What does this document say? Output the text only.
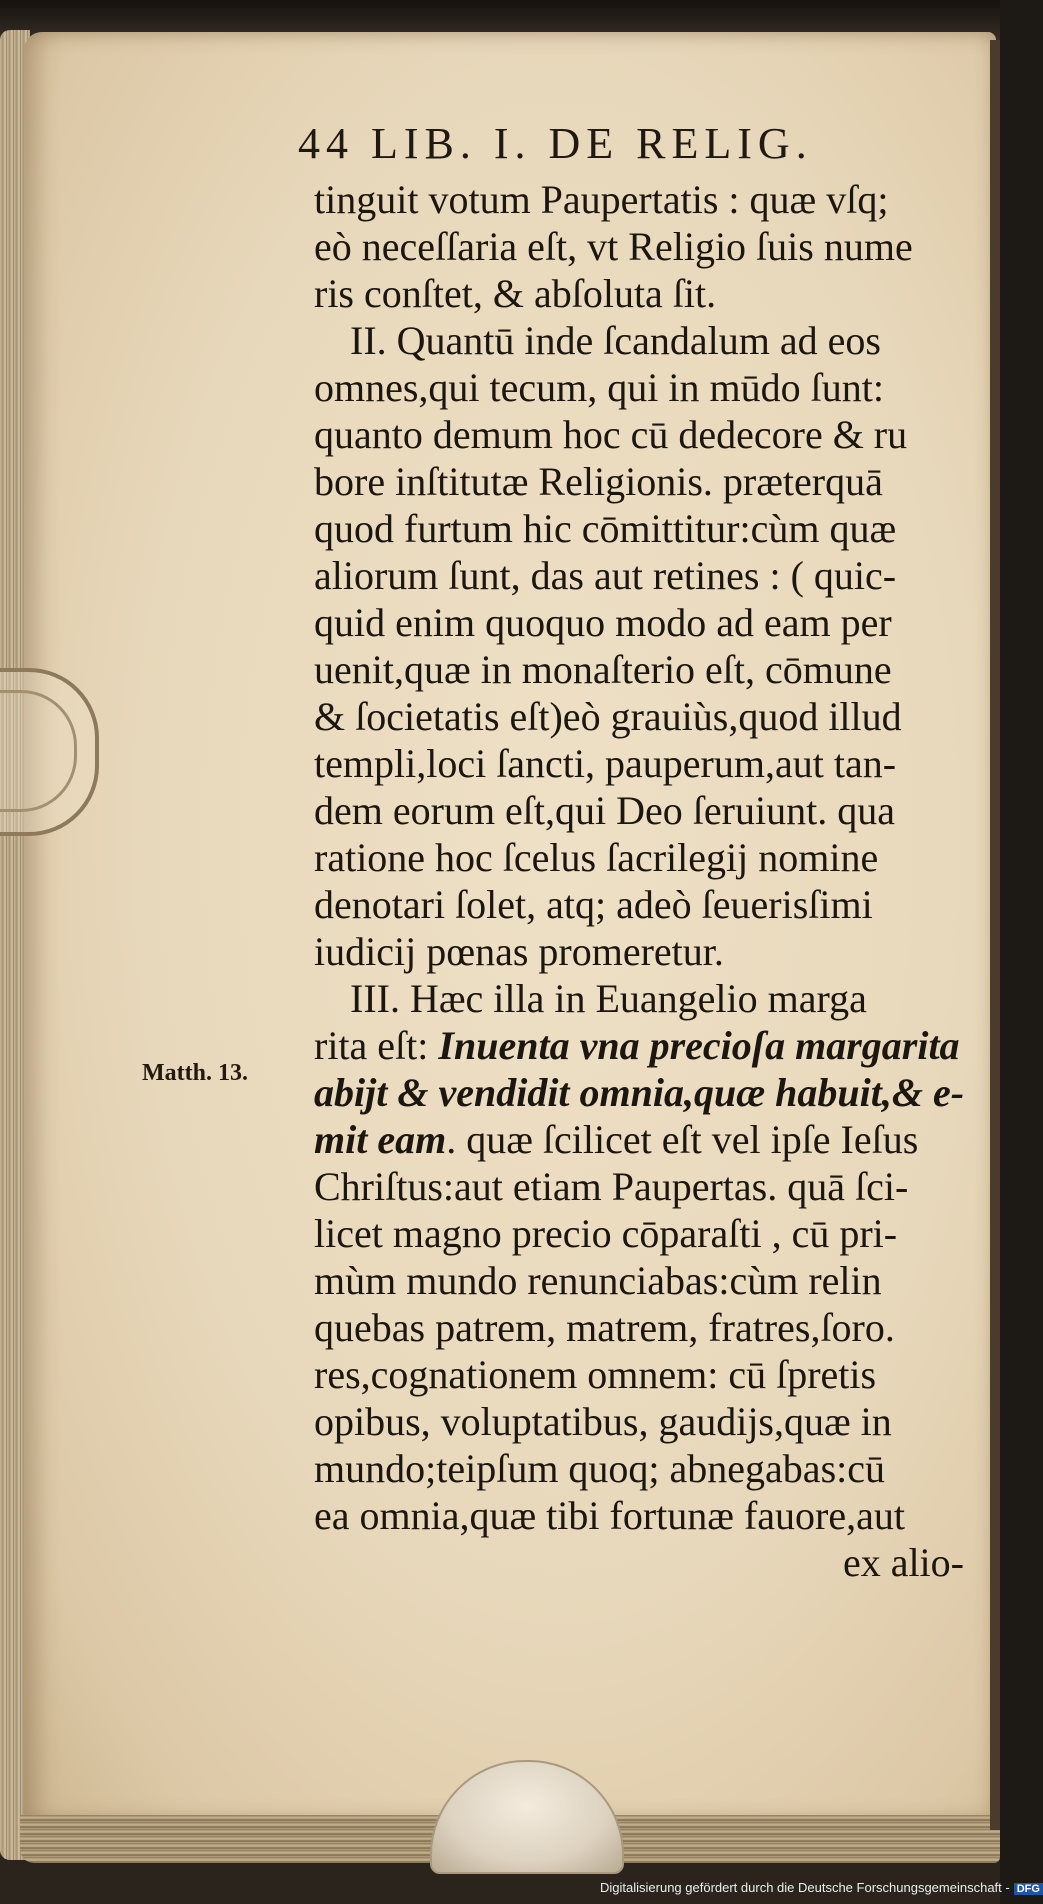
44 LIB. I. DE RELIG.
Matth. 13.
tinguit votum Paupertatis : quæ vſq;
eò neceſſaria eſt, vt Religio ſuis nume
ris conſtet, & abſoluta ſit.
II. Quantū inde ſcandalum ad eos
omnes,qui tecum, qui in mūdo ſunt:
quanto demum hoc cū dedecore & ru
bore inſtitutæ Religionis. præterquā
quod furtum hic cōmittitur:cùm quæ
aliorum ſunt, das aut retines : ( quic-
quid enim quoquo modo ad eam per
uenit,quæ in monaſterio eſt, cōmune
& ſocietatis eſt)eò grauiùs,quod illud
templi,loci ſancti, pauperum,aut tan-
dem eorum eſt,qui Deo ſeruiunt. qua
ratione hoc ſcelus ſacrilegij nomine
denotari ſolet, atq; adeò ſeuerisſimi
iudicij pœnas promeretur.
III. Hæc illa in Euangelio marga
rita eſt: Inuenta vna precioſa margarita
abijt & vendidit omnia,quæ habuit,& e-
mit eam. quæ ſcilicet eſt vel ipſe Ieſus
Chriſtus:aut etiam Paupertas. quā ſci-
licet magno precio cōparaſti , cū pri-
mùm mundo renunciabas:cùm relin
quebas patrem, matrem, fratres,ſoro.
res,cognationem omnem: cū ſpretis
opibus, voluptatibus, gaudijs,quæ in
mundo;teipſum quoq; abnegabas:cū
ea omnia,quæ tibi fortunæ fauore,aut
ex alio-
Digitalisierung gefördert durch die Deutsche Forschungsgemeinschaft - DFG
